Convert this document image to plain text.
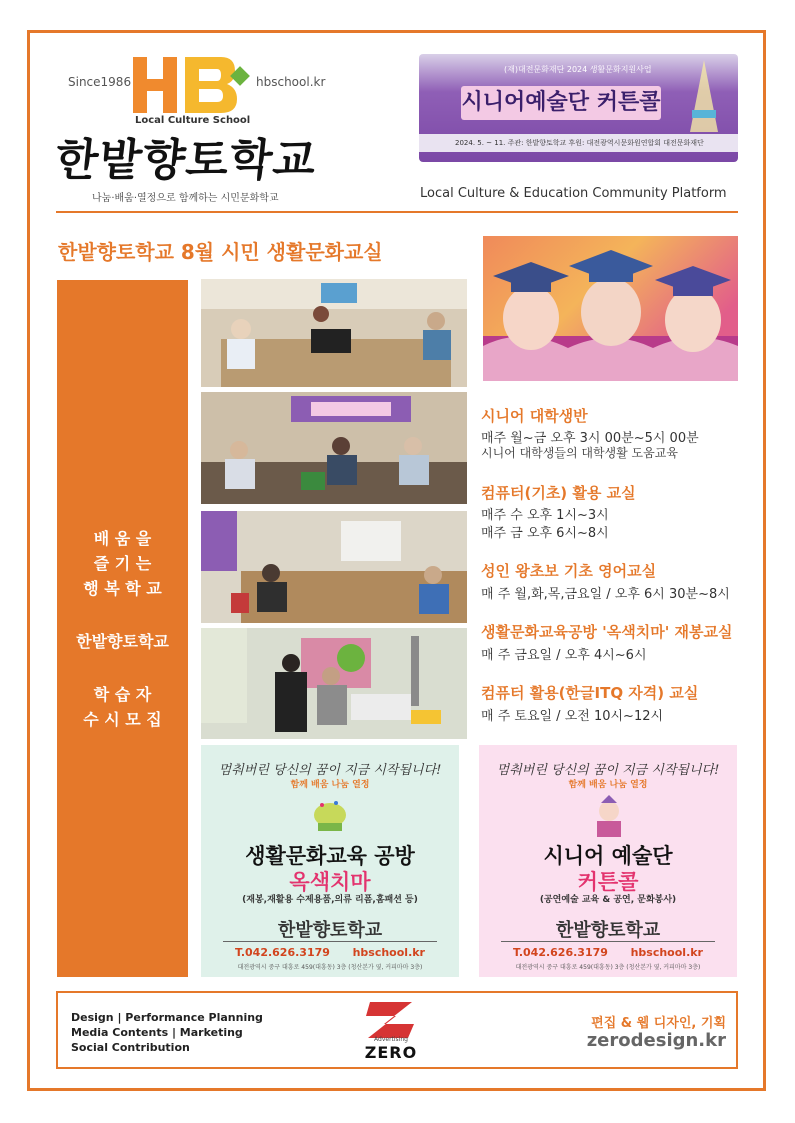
Since1986	hbschool.kr
Local Culture School
한밭향토학교
나눔·배움·열정으로 함께하는 시민문화학교
(재)대전문화재단 2024 생활문화지원사업
시니어예술단 커튼콜
2024. 5. ~ 11. 주관: 한밭향토학교 후원: 대전광역시문화원연합회 대전문화재단
Local Culture & Education Community Platform
한밭향토학교 8월 시민 생활문화교실
배 움 을
즐 기 는
행 복 학 교
한밭향토학교
학 습 자
수 시 모 집
시니어 대학생반
매주 월~금 오후 3시 00분~5시 00분
시니어 대학생들의 대학생활 도움교육
컴퓨터(기초) 활용 교실
매주 수 오후 1시~3시
매주 금 오후 6시~8시
성인 왕초보 기초 영어교실
매 주 월,화,목,금요일 / 오후 6시 30분~8시
생활문화교육공방 '옥색치마' 재봉교실
매 주 금요일 / 오후 4시~6시
컴퓨터 활용(한글ITQ 자격) 교실
매 주 토요일 / 오전 10시~12시
멈춰버린 당신의 꿈이 지금 시작됩니다!
함께 배움 나눔 열정
생활문화교육 공방
옥색치마
(재봉,재활용 수제용품,의류 리폼,홈패션 등)
한밭향토학교
T.042.626.3179 hbschool.kr
대전광역시 중구 대흥로 459(대흥동) 3층 (청산본가 옆, 커피마마 3층)
멈춰버린 당신의 꿈이 지금 시작됩니다!
함께 배움 나눔 열정
시니어 예술단
커튼콜
(공연예술 교육 & 공연, 문화봉사)
한밭향토학교
T.042.626.3179 hbschool.kr
대전광역시 중구 대흥로 459(대흥동) 3층 (청산본가 옆, 커피마마 3층)
Design | Performance Planning
Media Contents | Marketing
Social Contribution
Advertising
ZERO
편집 & 웹 디자인, 기획
zerodesign.kr
